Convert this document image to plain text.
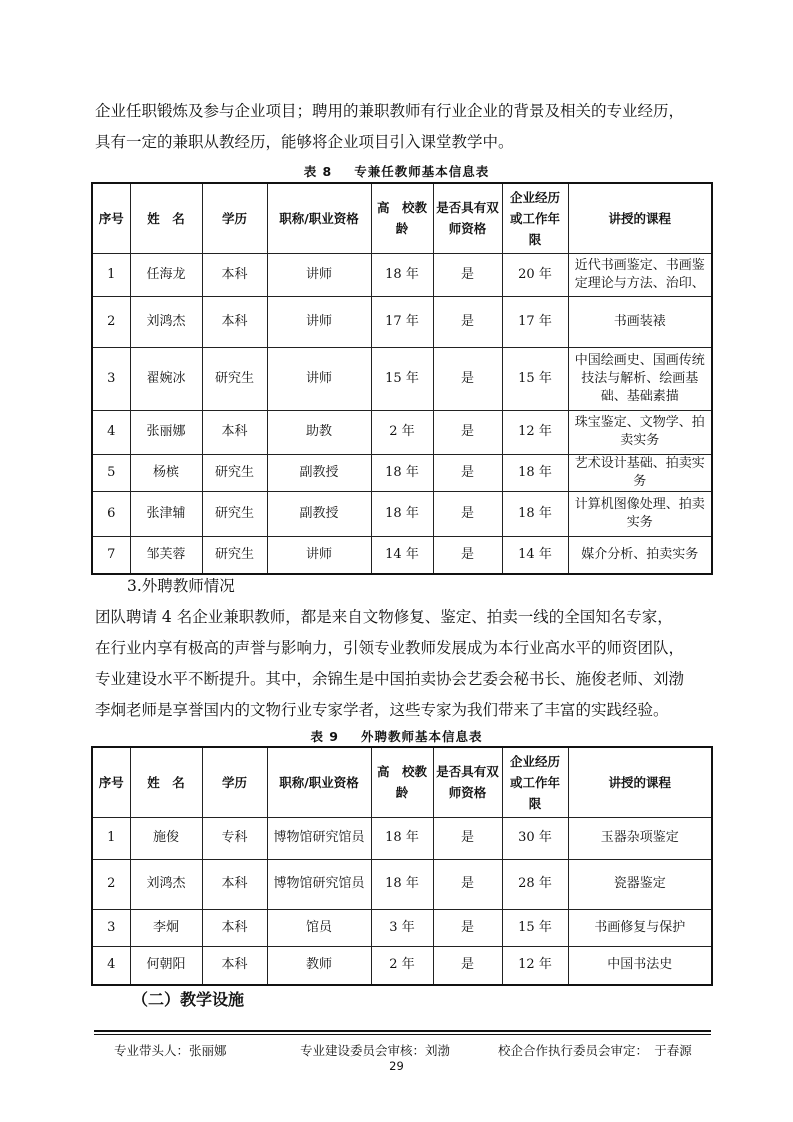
企业任职锻炼及参与企业项目；聘用的兼职教师有行业企业的背景及相关的专业经历，

具有一定的兼职从教经历，能够将企业项目引入课堂教学中。

表 8 专兼任教师基本信息表
序号	姓　名	学历	职称/职业资格	高　校教龄	是否具有双师资格	企业经历或工作年限	讲授的课程
1	任海龙	本科	讲师	18 年	是	20 年	近代书画鉴定、书画鉴定理论与方法、治印、
2	刘鸿杰	本科	讲师	17 年	是	17 年	书画装裱
3	翟婉冰	研究生	讲师	15 年	是	15 年	中国绘画史、国画传统技法与解析、绘画基础、基础素描
4	张丽娜	本科	助教	2 年	是	12 年	珠宝鉴定、文物学、拍卖实务
5	杨槟	研究生	副教授	18 年	是	18 年	艺术设计基础、拍卖实务
6	张津辅	研究生	副教授	18 年	是	18 年	计算机图像处理、拍卖实务
7	邹芙蓉	研究生	讲师	14 年	是	14 年	媒介分析、拍卖实务

3.外聘教师情况

团队聘请 4 名企业兼职教师，都是来自文物修复、鉴定、拍卖一线的全国知名专家，

在行业内享有极高的声誉与影响力，引领专业教师发展成为本行业高水平的师资团队，

专业建设水平不断提升。其中，余锦生是中国拍卖协会艺委会秘书长、施俊老师、刘渤

李炯老师是享誉国内的文物行业专家学者，这些专家为我们带来了丰富的实践经验。

表 9 外聘教师基本信息表
序号	姓　名	学历	职称/职业资格	高　校教龄	是否具有双师资格	企业经历或工作年限	讲授的课程
1	施俊	专科	博物馆研究馆员	18 年	是	30 年	玉器杂项鉴定
2	刘鸿杰	本科	博物馆研究馆员	18 年	是	28 年	瓷器鉴定
3	李炯	本科	馆员	3 年	是	15 年	书画修复与保护
4	何朝阳	本科	教师	2 年	是	12 年	中国书法史
（二）教学设施
专业带头人：张丽娜	专业建设委员会审核：刘渤	校企合作执行委员会审定：　于春源
29
